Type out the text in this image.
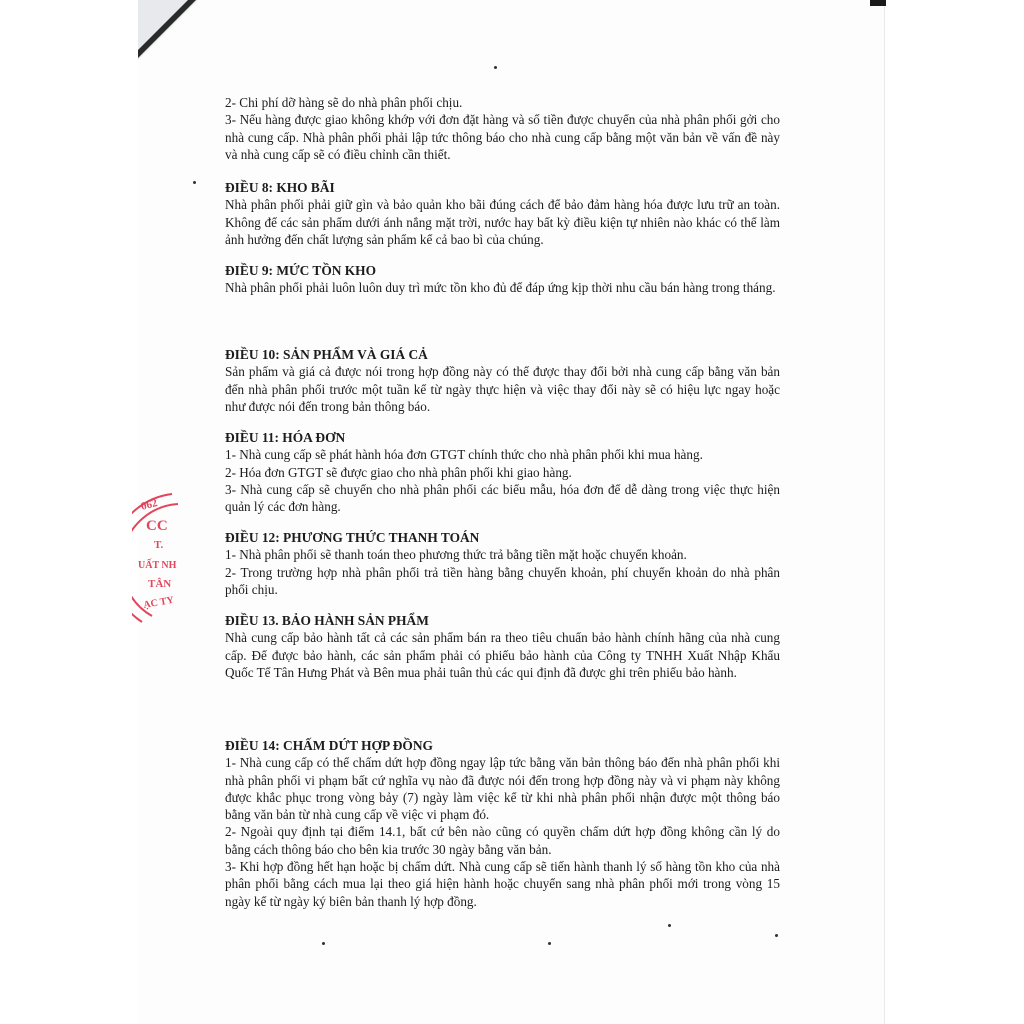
062
CC
T.
UẤT NH
TÂN
ẠC TY

2- Chi phí dỡ hàng sẽ do nhà phân phối chịu.

3- Nếu hàng được giao không khớp với đơn đặt hàng và số tiền được chuyển của nhà phân phối gởi cho nhà cung cấp. Nhà phân phối phải lập tức thông báo cho nhà cung cấp bằng một văn bản về vấn đề này và nhà cung cấp sẽ có điều chỉnh cần thiết.

ĐIỀU 8: KHO BÃI

Nhà phân phối phải giữ gìn và bảo quản kho bãi đúng cách để bảo đảm hàng hóa được lưu trữ an toàn. Không để các sản phẩm dưới ánh nắng mặt trời, nước hay bất kỳ điều kiện tự nhiên nào khác có thể làm ảnh hưởng đến chất lượng sản phẩm kể cả bao bì của chúng.

ĐIỀU 9: MỨC TỒN KHO

Nhà phân phối phải luôn luôn duy trì mức tồn kho đủ để đáp ứng kịp thời nhu cầu bán hàng trong tháng.

ĐIỀU 10: SẢN PHẨM VÀ GIÁ CẢ

Sản phẩm và giá cả được nói trong hợp đồng này có thể được thay đổi bởi nhà cung cấp bằng văn bản đến nhà phân phối trước một tuần kể từ ngày thực hiện và việc thay đổi này sẽ có hiệu lực ngay hoặc như được nói đến trong bản thông báo.

ĐIỀU 11: HÓA ĐƠN

1- Nhà cung cấp sẽ phát hành hóa đơn GTGT chính thức cho nhà phân phối khi mua hàng.

2- Hóa đơn GTGT sẽ được giao cho nhà phân phối khi giao hàng.

3- Nhà cung cấp sẽ chuyển cho nhà phân phối các biểu mẫu, hóa đơn để dễ dàng trong việc thực hiện quản lý các đơn hàng.

ĐIỀU 12: PHƯƠNG THỨC THANH TOÁN

1- Nhà phân phối sẽ thanh toán theo phương thức trả bằng tiền mặt hoặc chuyển khoản.

2- Trong trường hợp nhà phân phối trả tiền hàng bằng chuyển khoản, phí chuyển khoản do nhà phân phối chịu.

ĐIỀU 13. BẢO HÀNH SẢN PHẨM

Nhà cung cấp bảo hành tất cả các sản phẩm bán ra theo tiêu chuẩn bảo hành chính hãng của nhà cung cấp. Để được bảo hành, các sản phẩm phải có phiếu bảo hành của Công ty TNHH Xuất Nhập Khẩu Quốc Tế Tân Hưng Phát và Bên mua phải tuân thủ các qui định đã được ghi trên phiếu bảo hành.

ĐIỀU 14: CHẤM DỨT HỢP ĐỒNG

1- Nhà cung cấp có thể chấm dứt hợp đồng ngay lập tức bằng văn bản thông báo đến nhà phân phối khi nhà phân phối vi phạm bất cứ nghĩa vụ nào đã được nói đến trong hợp đồng này và vi phạm này không được khắc phục trong vòng bảy (7) ngày làm việc kể từ khi nhà phân phối nhận được một thông báo bằng văn bản từ nhà cung cấp về việc vi phạm đó.

2- Ngoài quy định tại điểm 14.1, bất cứ bên nào cũng có quyền chấm dứt hợp đồng không cần lý do bằng cách thông báo cho bên kia trước 30 ngày bằng văn bản.

3- Khi hợp đồng hết hạn hoặc bị chấm dứt. Nhà cung cấp sẽ tiến hành thanh lý số hàng tồn kho của nhà phân phối bằng cách mua lại theo giá hiện hành hoặc chuyển sang nhà phân phối mới trong vòng 15 ngày kể từ ngày ký biên bản thanh lý hợp đồng.
